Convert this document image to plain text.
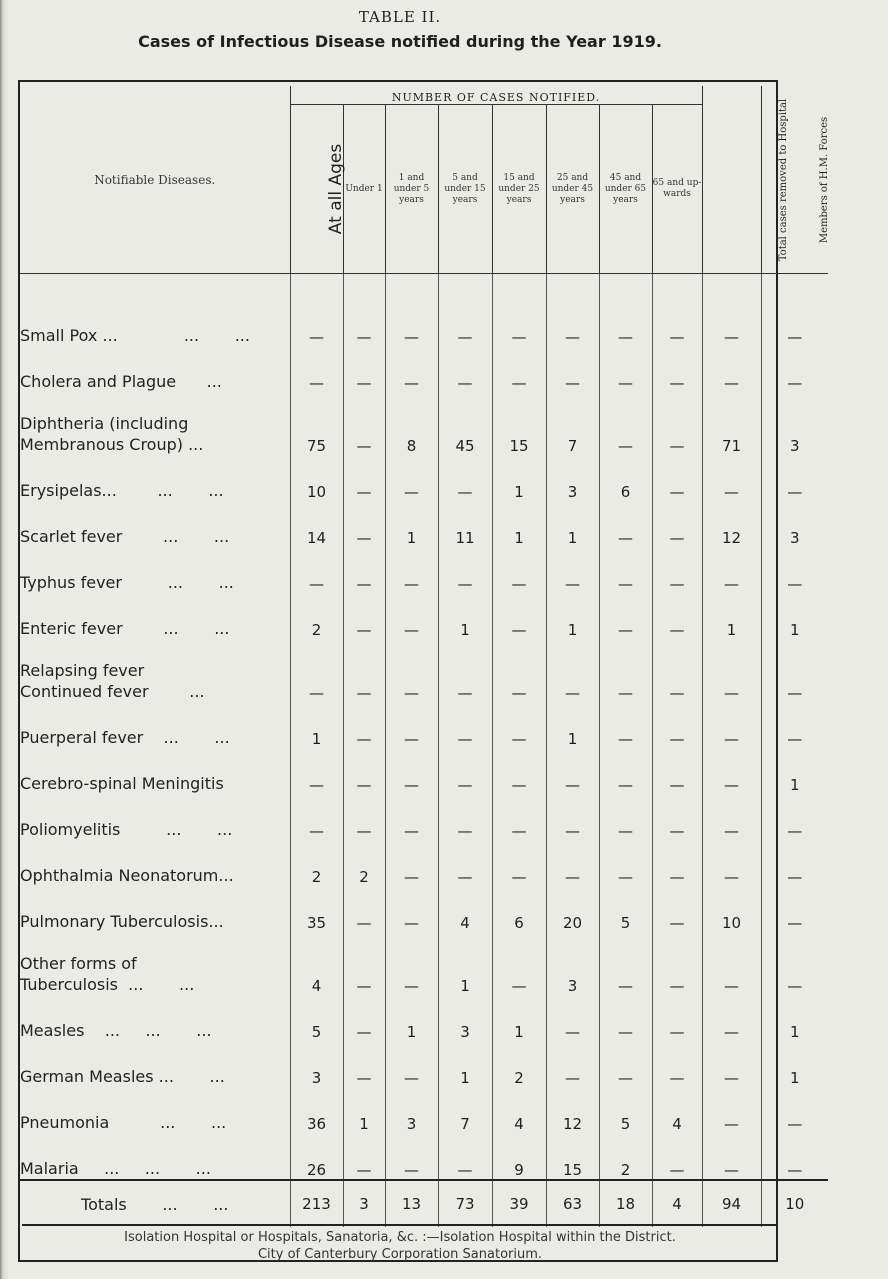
TABLE II.
Cases of Infectious Disease notified during the Year 1919.
Notifiable Diseases.	NUMBER OF CASES NOTIFIED.								Total cases removed to Hospital	Members of H.M. Forces
	At all Ages	Under 1	1 and under 5 years	5 and under 15 years	15 and under 25 years	25 and under 45 years	45 and under 65 years	65 and up-wards		

Small Pox ...             ...       ...	—	—	—	—	—	—	—	—	—	—
Cholera and Plague      ...	—	—	—	—	—	—	—	—	—	—
Diphtheria (including
Membranous Croup) ...	75	—	8	45	15	7	—	—	71	3
Erysipelas...        ...       ...	10	—	—	—	1	3	6	—	—	—
Scarlet fever        ...       ...	14	—	1	11	1	1	—	—	12	3
Typhus fever         ...       ...	—	—	—	—	—	—	—	—	—	—
Enteric fever        ...       ...	2	—	—	1	—	1	—	—	1	1
Relapsing fever
Continued fever        ...	—	—	—	—	—	—	—	—	—	—
Puerperal fever    ...       ...	1	—	—	—	—	1	—	—	—	—
Cerebro-spinal Meningitis	—	—	—	—	—	—	—	—	—	1
Poliomyelitis         ...       ...	—	—	—	—	—	—	—	—	—	—
Ophthalmia Neonatorum...	2	2	—	—	—	—	—	—	—	—
Pulmonary Tuberculosis...	35	—	—	4	6	20	5	—	10	—
Other forms of
Tuberculosis  ...       ...	4	—	—	1	—	3	—	—	—	—
Measles    ...     ...       ...	5	—	1	3	1	—	—	—	—	1
German Measles ...       ...	3	—	—	1	2	—	—	—	—	1
Pneumonia          ...       ...	36	1	3	7	4	12	5	4	—	—
Malaria     ...     ...       ...	26	—	—	—	9	15	2	—	—	—
Totals       ...       ...	213	3	13	73	39	63	18	4	94	10
Isolation Hospital or Hospitals, Sanatoria, &c. :—Isolation Hospital within the District.
City of Canterbury Corporation Sanatorium.
